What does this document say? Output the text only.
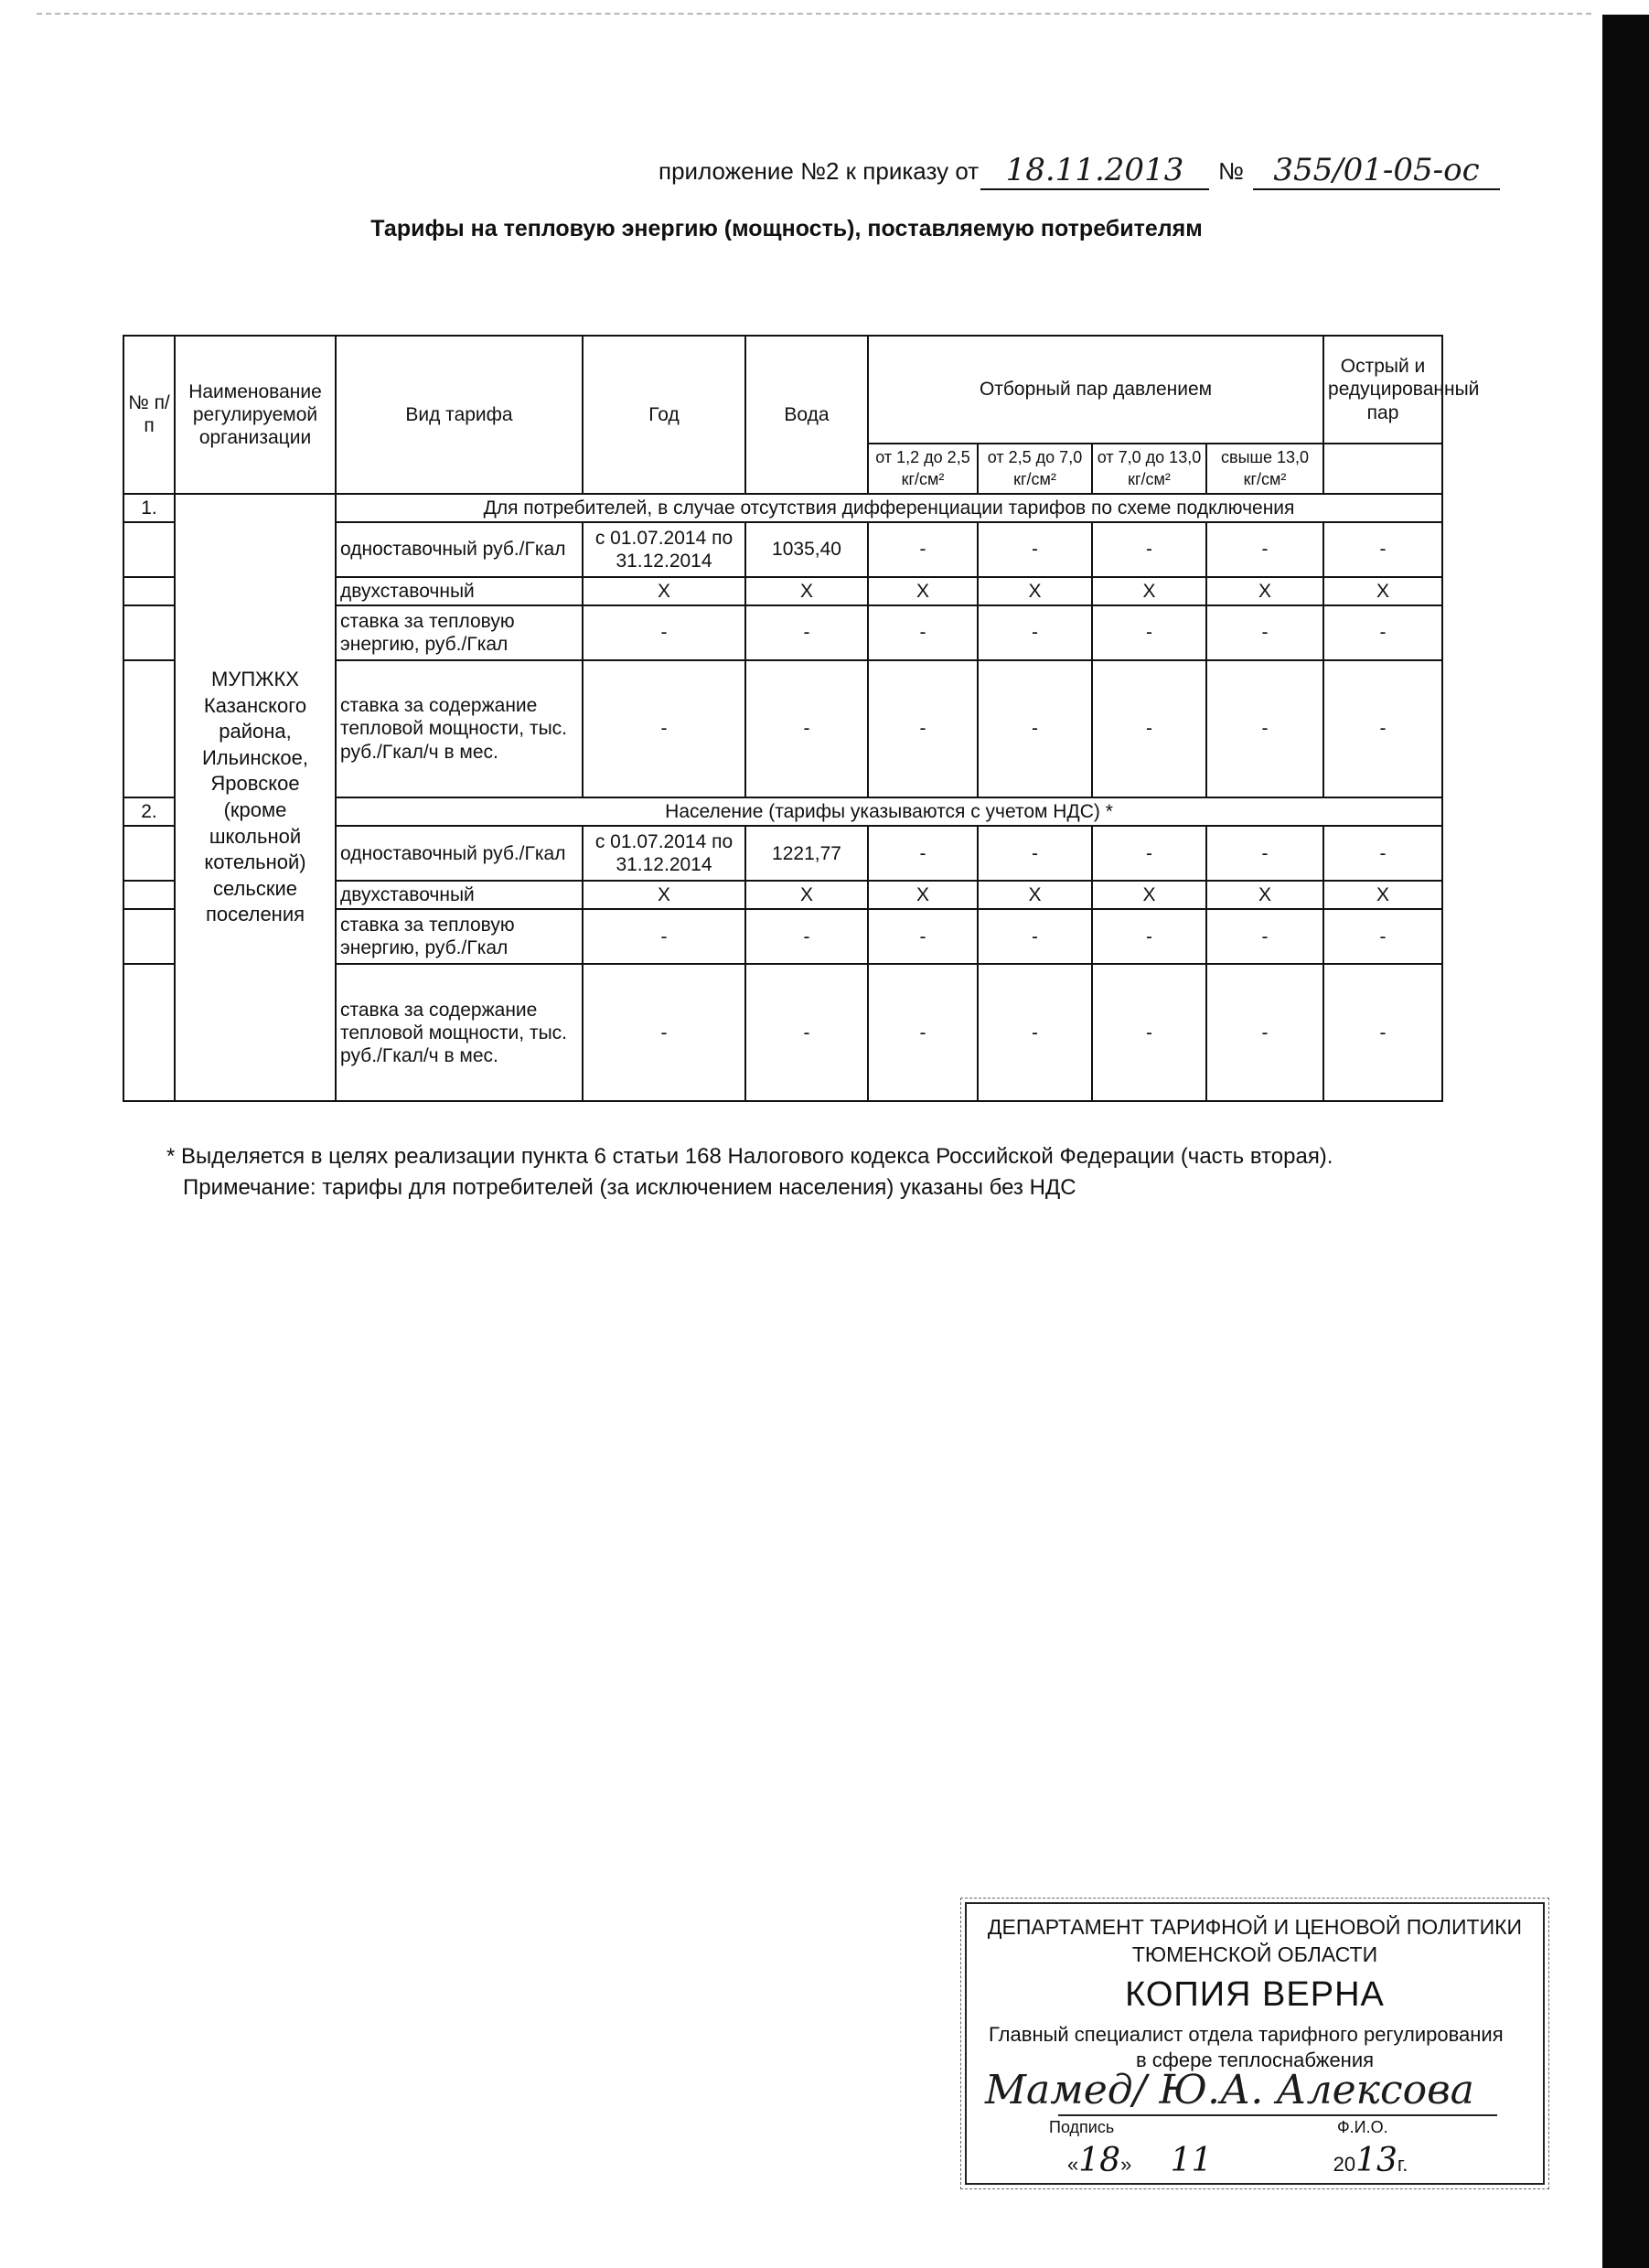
приложение №2 к приказу от 18.11.2013	№ 355/01-05-ос
Тарифы на тепловую энергию (мощность), поставляемую потребителям
№ п/п	Наименование регулируемой организации	Вид тарифа	Год	Вода	Отборный пар давлением				Острый и редуцированный пар
					от 1,2 до 2,5 кг/см²	от 2,5 до 7,0 кг/см²	от 7,0 до 13,0 кг/см²	свыше 13,0 кг/см²	
1.	МУПЖКХ Казанского района, Ильинское, Яровское (кроме школьной котельной) сельские поселения	Для потребителей, в случае отсутствия дифференциации тарифов по схеме подключения							
		одноставочный руб./Гкал	с 01.07.2014 по 31.12.2014	1035,40	-	-	-	-	-
		двухставочный	X	X	X	X	X	X	X
		ставка за тепловую энергию, руб./Гкал	-	-	-	-	-	-	-
		ставка за содержание тепловой мощности, тыс. руб./Гкал/ч в мес.	-	-	-	-	-	-	-
2.		Население (тарифы указываются с учетом НДС) *							
		одноставочный руб./Гкал	с 01.07.2014 по 31.12.2014	1221,77	-	-	-	-	-
		двухставочный	X	X	X	X	X	X	X
		ставка за тепловую энергию, руб./Гкал	-	-	-	-	-	-	-
		ставка за содержание тепловой мощности, тыс. руб./Гкал/ч в мес.	-	-	-	-	-	-	-
* Выделяется в целях реализации пункта 6 статьи 168 Налогового кодекса Российской Федерации (часть вторая).
Примечание: тарифы для потребителей (за исключением населения) указаны без НДС
ДЕПАРТАМЕНТ ТАРИФНОЙ И ЦЕНОВОЙ ПОЛИТИКИ
ТЮМЕНСКОЙ ОБЛАСТИ
КОПИЯ ВЕРНА
Главный специалист отдела тарифного регулирования
в сфере теплоснабжения
Мамед/ Ю.А. Алексова
Подпись	Ф.И.О.
«18» 11	2013г.
